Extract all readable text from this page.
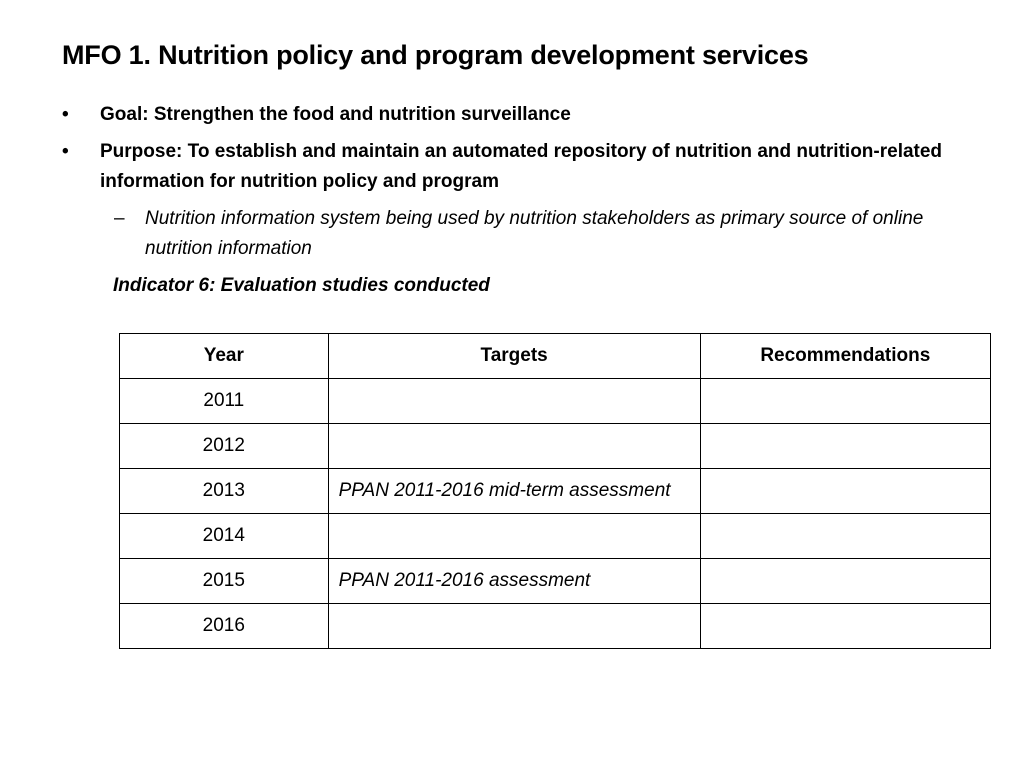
MFO 1. Nutrition policy and program development services
•	Goal: Strengthen the food and nutrition surveillance
•	Purpose: To establish and maintain an automated repository of nutrition and nutrition-related information for nutrition policy and program
– Nutrition information system being used by nutrition stakeholders as primary source of online nutrition information
Indicator 6: Evaluation studies conducted
Year	Targets	Recommendations
2011		
2012		
2013	PPAN 2011-2016 mid-term assessment	
2014		
2015	PPAN 2011-2016 assessment	
2016		
